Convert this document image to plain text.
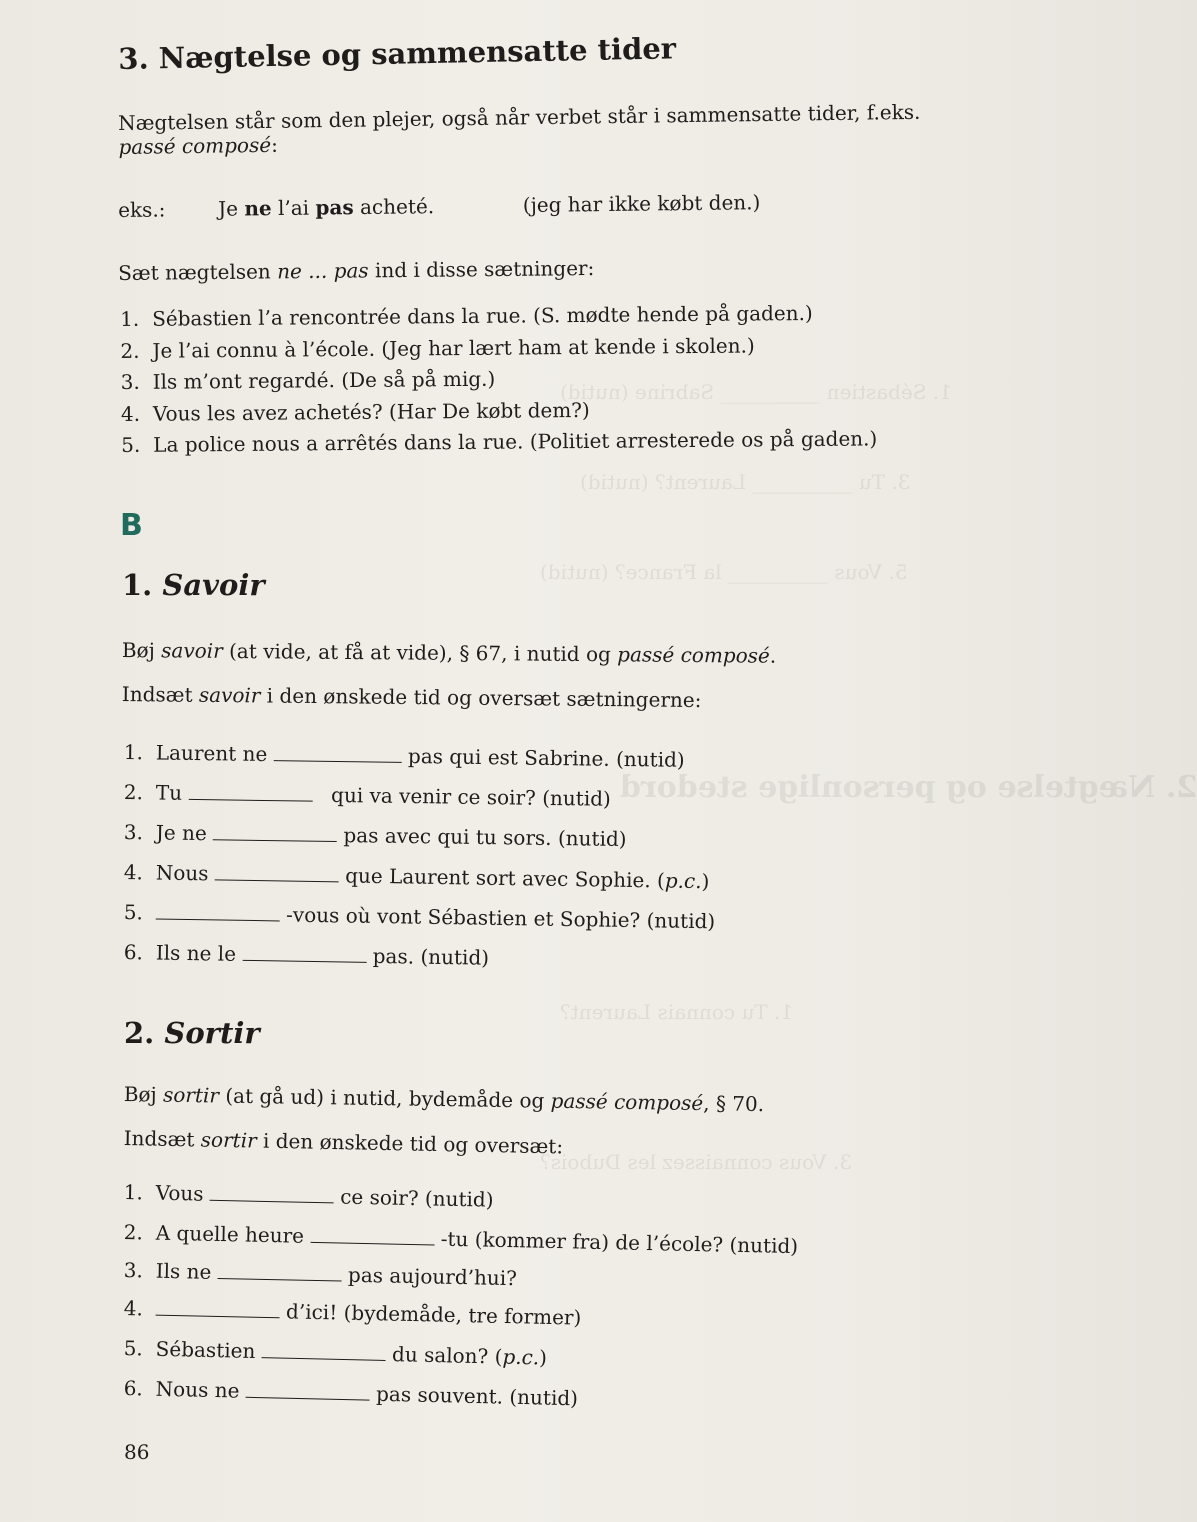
2. Nægtelse og personlige stedord
1. Sébastien __________ Sabrine (nutid)
3. Tu __________ Laurent? (nutid)
5. Vous __________ la France? (nutid)
1. Tu connais Laurent?
3. Vous connaissez les Dubois?
3. Nægtelse og sammensatte tider
Nægtelsen står som den plejer, også når verbet står i sammensatte tider, f.eks.
passé composé:
eks.:	Je ne l’ai pas acheté.	(jeg har ikke købt den.)
Sæt nægtelsen ne ... pas ind i disse sætninger:
1. Sébastien l’a rencontrée dans la rue. (S. mødte hende på gaden.)
2. Je l’ai connu à l’école. (Jeg har lært ham at kende i skolen.)
3. Ils m’ont regardé. (De så på mig.)
4. Vous les avez achetés? (Har De købt dem?)
5. La police nous a arrêtés dans la rue. (Politiet arresterede os på gaden.)
B
1. Savoir
Bøj savoir (at vide, at få at vide), § 67, i nutid og passé composé.
Indsæt savoir i den ønskede tid og oversæt sætningerne:
1. Laurent ne	pas qui est Sabrine. (nutid)
2. Tu	qui va venir ce soir? (nutid)
3. Je ne	pas avec qui tu sors. (nutid)
4. Nous	que Laurent sort avec Sophie. (p.c.)
5.	-vous où vont Sébastien et Sophie? (nutid)
6. Ils ne le	pas. (nutid)
2. Sortir
Bøj sortir (at gå ud) i nutid, bydemåde og passé composé, § 70.
Indsæt sortir i den ønskede tid og oversæt:
1. Vous	ce soir? (nutid)
2. A quelle heure	-tu (kommer fra) de l’école? (nutid)
3. Ils ne	pas aujourd’hui?
4.	d’ici! (bydemåde, tre former)
5. Sébastien	du salon? (p.c.)
6. Nous ne	pas souvent. (nutid)
86
